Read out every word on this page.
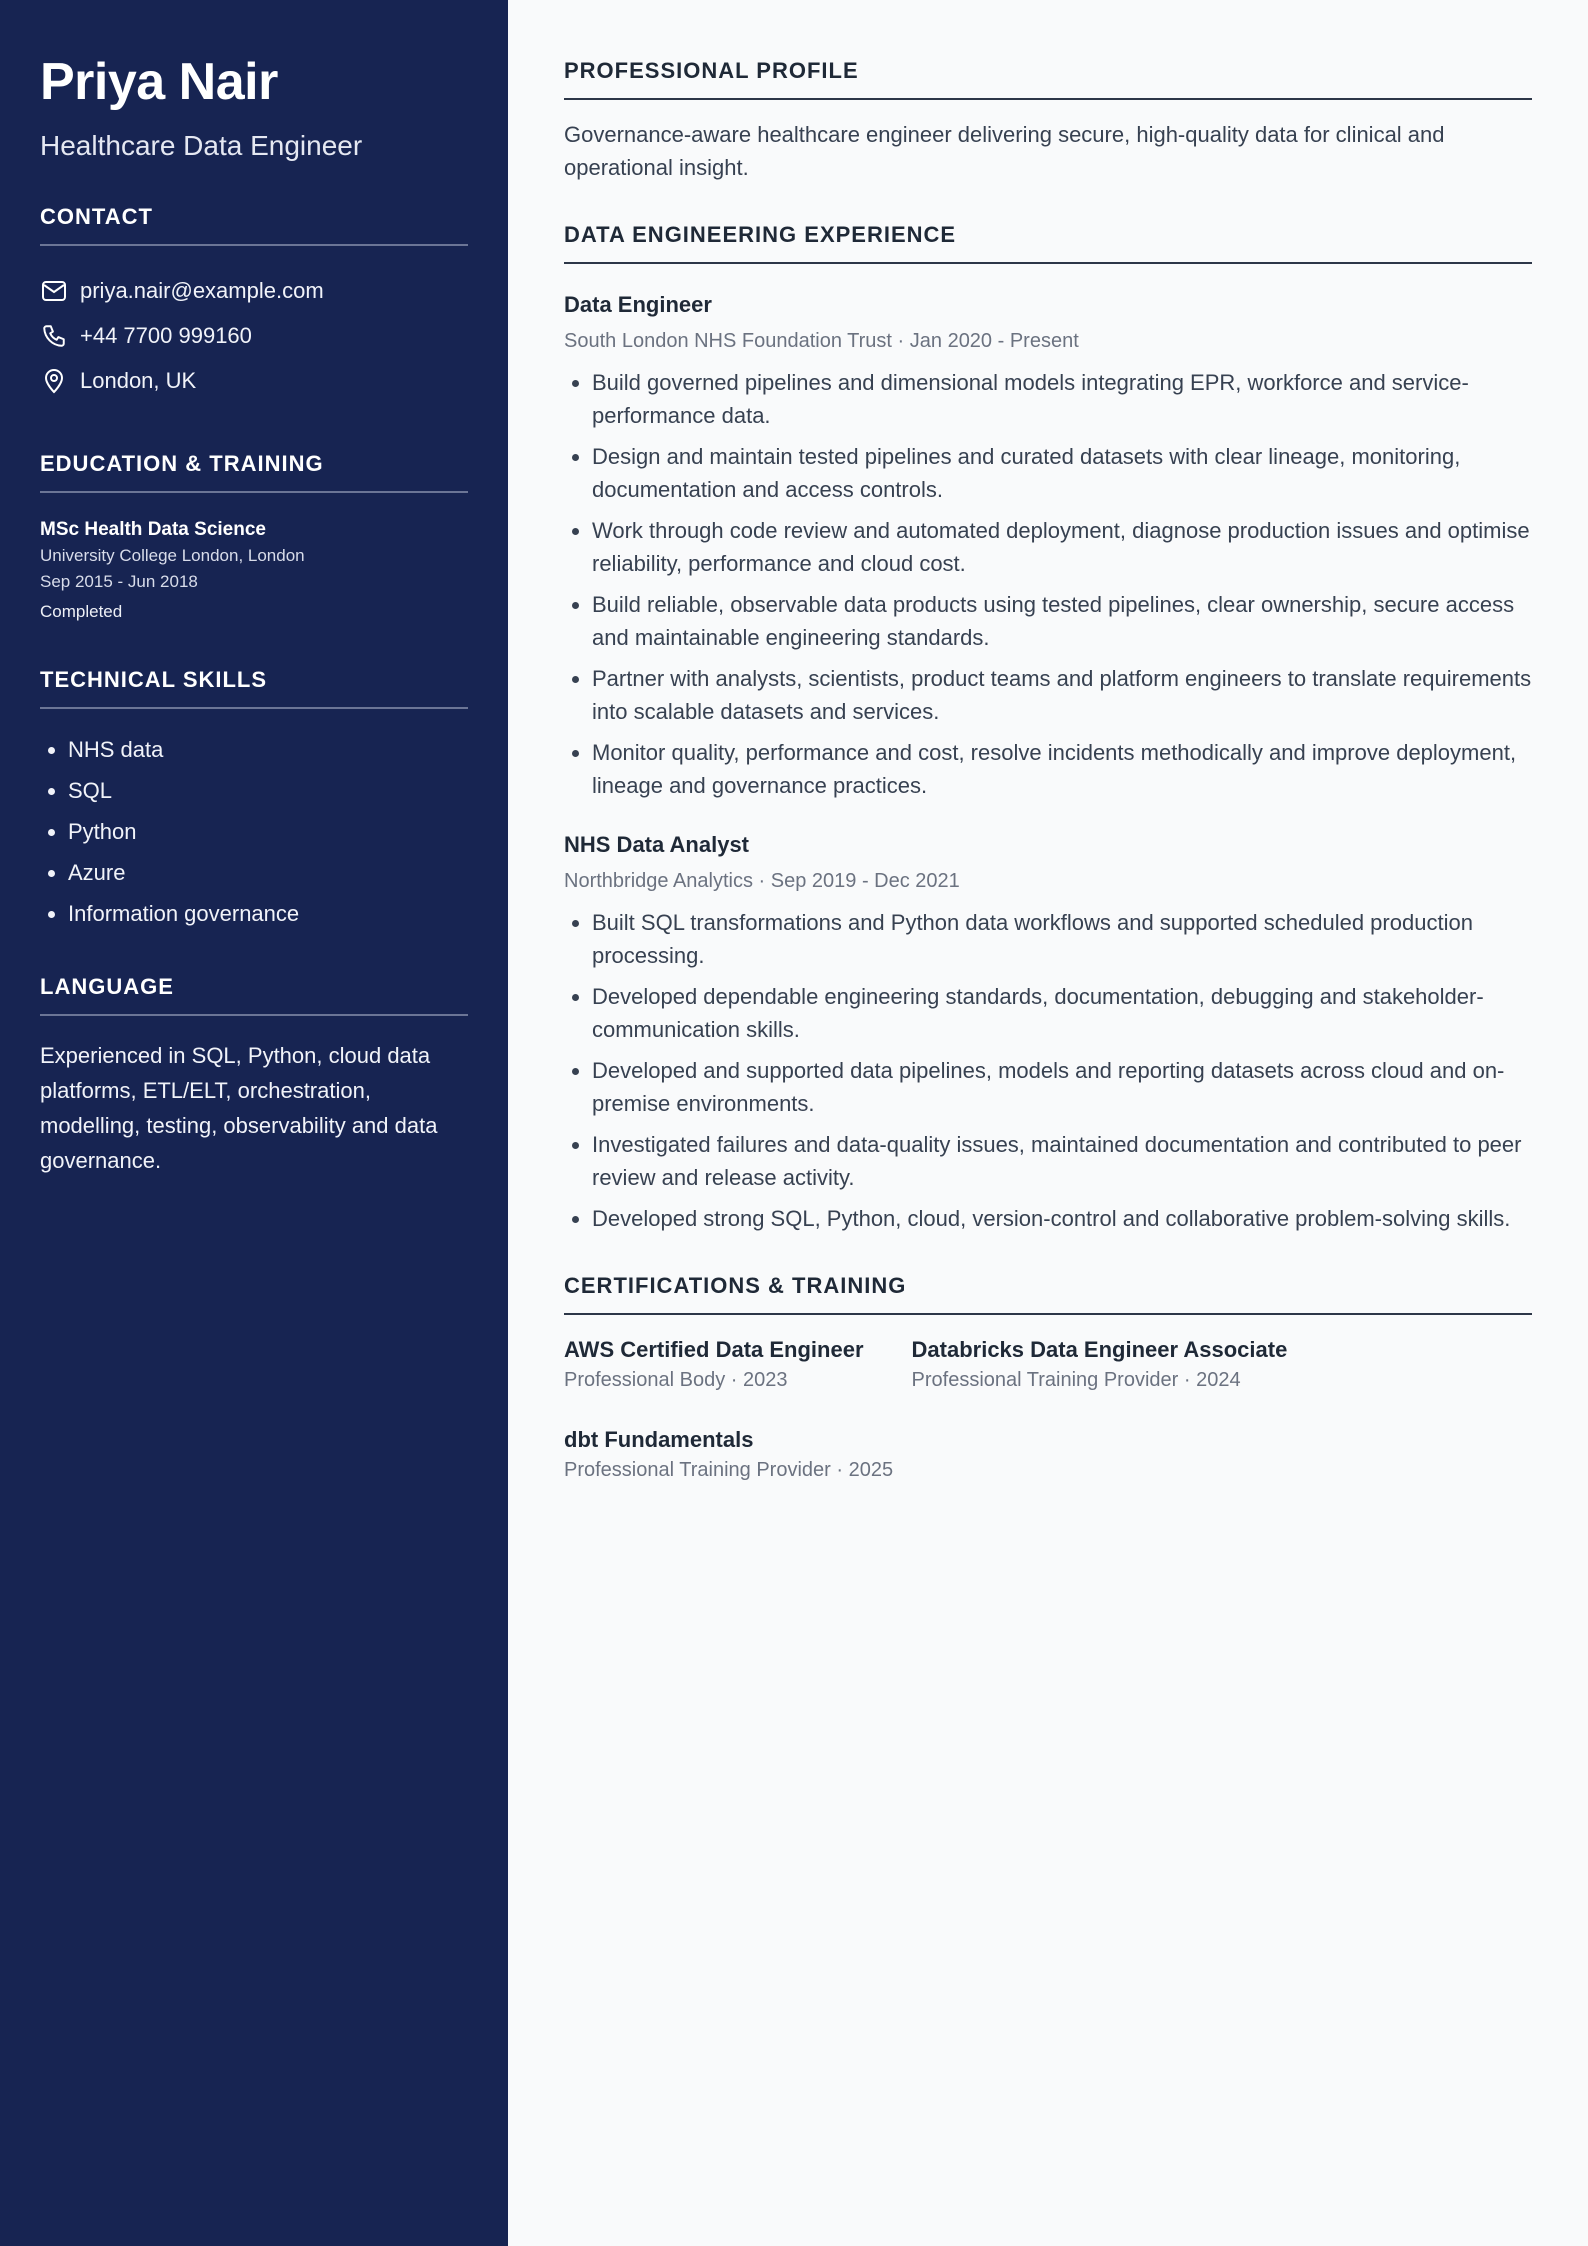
Priya Nair
Healthcare Data Engineer
CONTACT
priya.nair@example.com
+44 7700 999160
London, UK
EDUCATION & TRAINING
MSc Health Data Science
University College London, London
Sep 2015 - Jun 2018
Completed
TECHNICAL SKILLS
• NHS data
• SQL
• Python
• Azure
• Information governance
LANGUAGE
Experienced in SQL, Python, cloud data platforms, ETL/ELT, orchestration, modelling, testing, observability and data governance.
PROFESSIONAL PROFILE
Governance-aware healthcare engineer delivering secure, high-quality data for clinical and operational insight.
DATA ENGINEERING EXPERIENCE
Data Engineer
South London NHS Foundation Trust · Jan 2020 - Present
• Build governed pipelines and dimensional models integrating EPR, workforce and service-performance data.
• Design and maintain tested pipelines and curated datasets with clear lineage, monitoring, documentation and access controls.
• Work through code review and automated deployment, diagnose production issues and optimise reliability, performance and cloud cost.
• Build reliable, observable data products using tested pipelines, clear ownership, secure access and maintainable engineering standards.
• Partner with analysts, scientists, product teams and platform engineers to translate requirements into scalable datasets and services.
• Monitor quality, performance and cost, resolve incidents methodically and improve deployment, lineage and governance practices.
NHS Data Analyst
Northbridge Analytics · Sep 2019 - Dec 2021
• Built SQL transformations and Python data workflows and supported scheduled production processing.
• Developed dependable engineering standards, documentation, debugging and stakeholder-communication skills.
• Developed and supported data pipelines, models and reporting datasets across cloud and on-premise environments.
• Investigated failures and data-quality issues, maintained documentation and contributed to peer review and release activity.
• Developed strong SQL, Python, cloud, version-control and collaborative problem-solving skills.
CERTIFICATIONS & TRAINING
AWS Certified Data Engineer
Professional Body · 2023
Databricks Data Engineer Associate
Professional Training Provider · 2024
dbt Fundamentals
Professional Training Provider · 2025
